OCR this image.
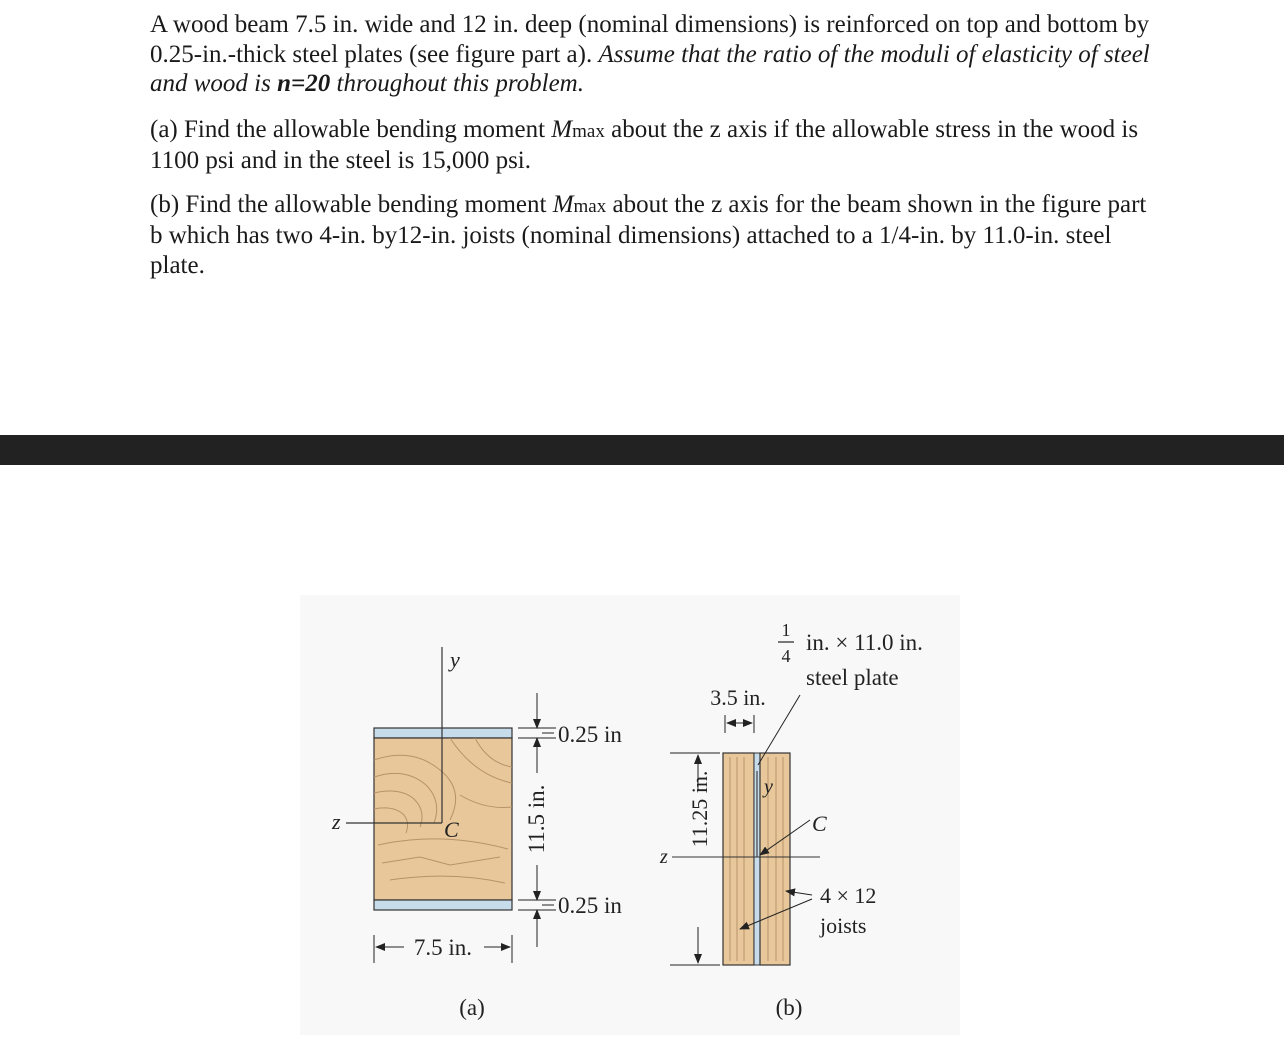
A wood beam 7.5 in. wide and 12 in. deep (nominal dimensions) is reinforced on top and bottom by 0.25-in.-thick steel plates (see figure part a). Assume that the ratio of the moduli of elasticity of steel and wood is n=20 throughout this problem.

(a) Find the allowable bending moment Mmax about the z axis if the allowable stress in the wood is 1100 psi and in the steel is 15,000 psi.

(b) Find the allowable bending moment Mmax about the z axis for the beam shown in the figure part b which has two 4-in. by12-in. joists (nominal dimensions) attached to a 1/4-in. by 11.0-in. steel plate.

y
z	C
0.25 in
0.25 in
11.5 in.
7.5 in.
(a)
y
z
C
11.25 in.
3.5 in.
1
4
in. × 11.0 in.
steel plate
4 × 12
joists
(b)
